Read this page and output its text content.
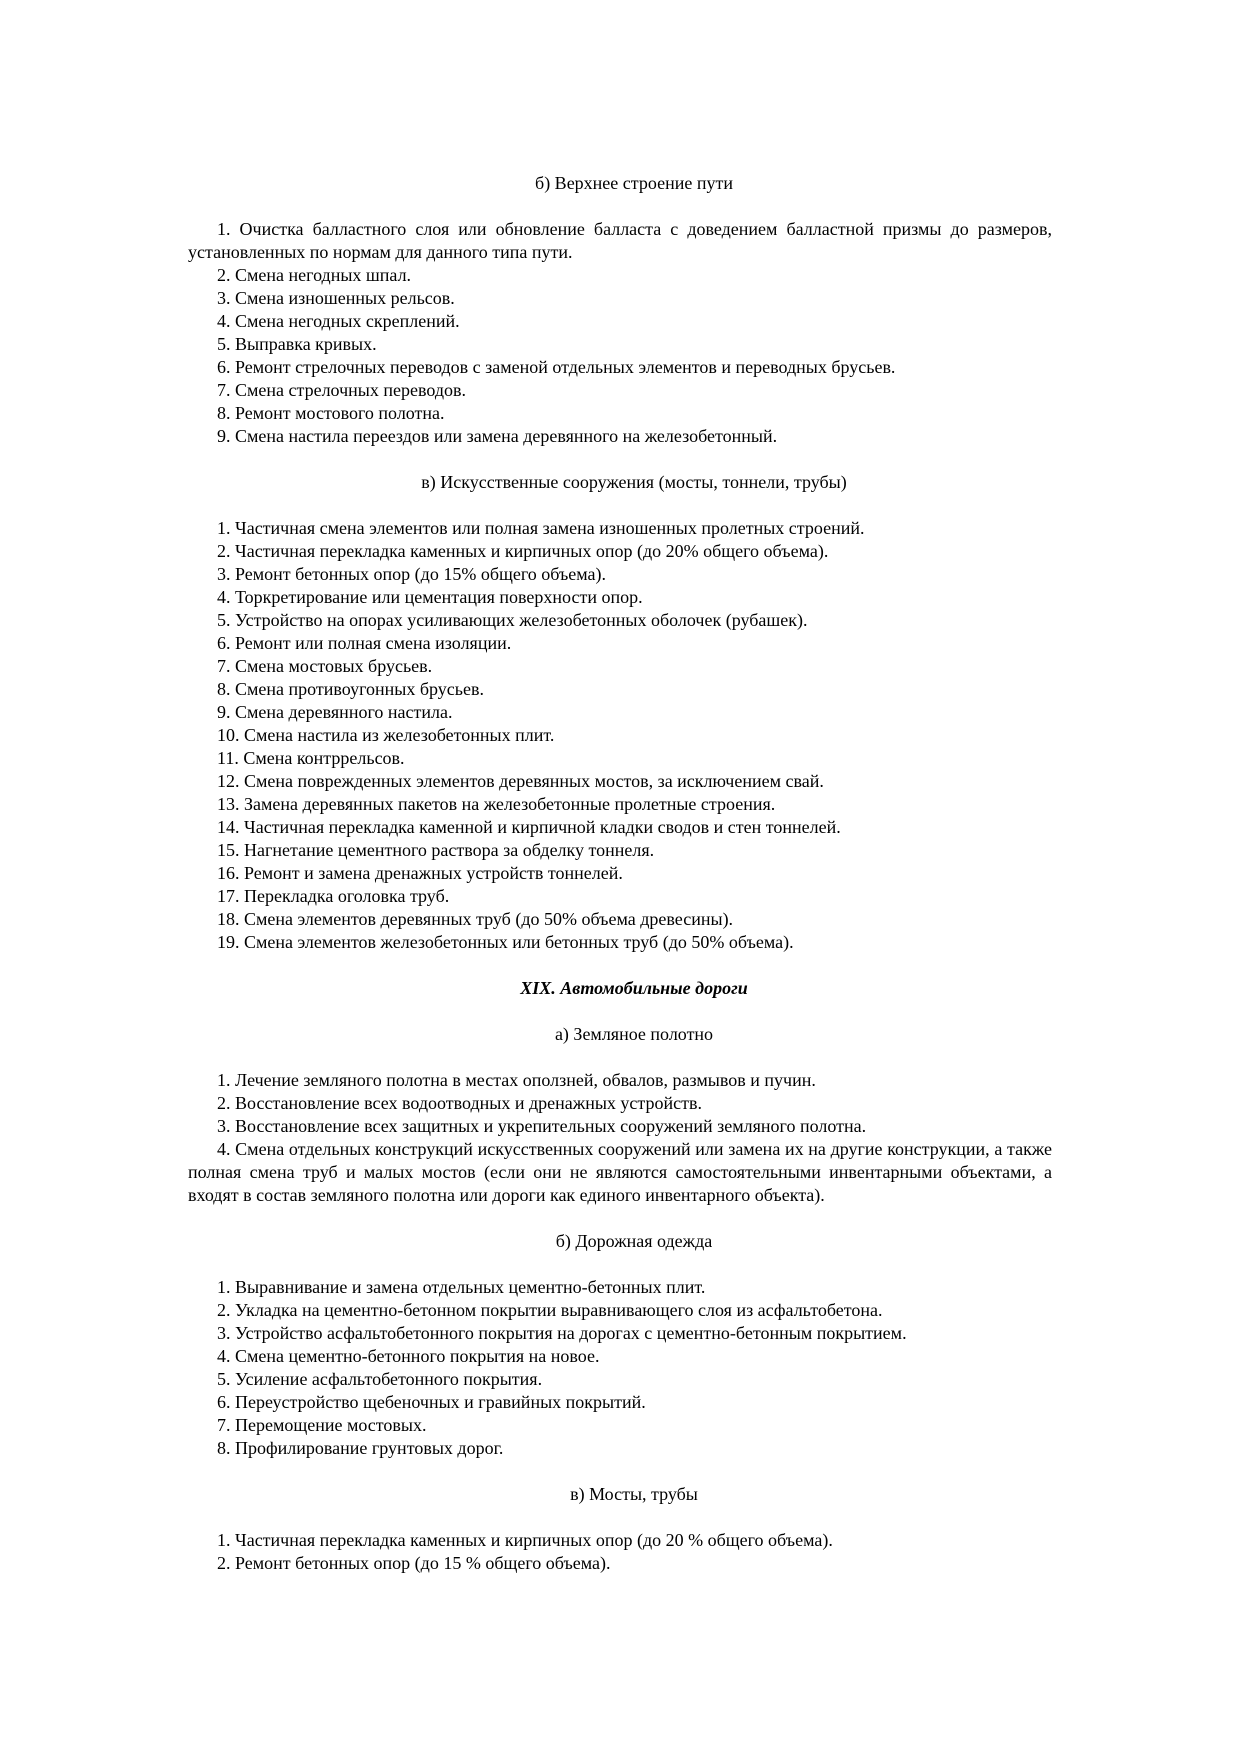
б) Верхнее строение пути

1. Очистка балластного слоя или обновление балласта с доведением балластной призмы до размеров, установленных по нормам для данного типа пути.

2. Смена негодных шпал.

3. Смена изношенных рельсов.

4. Смена негодных скреплений.

5. Выправка кривых.

6. Ремонт стрелочных переводов с заменой отдельных элементов и переводных брусьев.

7. Смена стрелочных переводов.

8. Ремонт мостового полотна.

9. Смена настила переездов или замена деревянного на железобетонный.

в) Искусственные сооружения (мосты, тоннели, трубы)

1. Частичная смена элементов или полная замена изношенных пролетных строений.

2. Частичная перекладка каменных и кирпичных опор (до 20% общего объема).

3. Ремонт бетонных опор (до 15% общего объема).

4. Торкретирование или цементация поверхности опор.

5. Устройство на опорах усиливающих железобетонных оболочек (рубашек).

6. Ремонт или полная смена изоляции.

7. Смена мостовых брусьев.

8. Смена противоугонных брусьев.

9. Смена деревянного настила.

10. Смена настила из железобетонных плит.

11. Смена контррельсов.

12. Смена поврежденных элементов деревянных мостов, за исключением свай.

13. Замена деревянных пакетов на железобетонные пролетные строения.

14. Частичная перекладка каменной и кирпичной кладки сводов и стен тоннелей.

15. Нагнетание цементного раствора за обделку тоннеля.

16. Ремонт и замена дренажных устройств тоннелей.

17. Перекладка оголовка труб.

18. Смена элементов деревянных труб (до 50% объема древесины).

19. Смена элементов железобетонных или бетонных труб (до 50% объема).

XIX. Автомобильные дороги

а) Земляное полотно

1. Лечение земляного полотна в местах оползней, обвалов, размывов и пучин.

2. Восстановление всех водоотводных и дренажных устройств.

3. Восстановление всех защитных и укрепительных сооружений земляного полотна.

4. Смена отдельных конструкций искусственных сооружений или замена их на другие конструкции, а также полная смена труб и малых мостов (если они не являются самостоятельными инвентарными объектами, а входят в состав земляного полотна или дороги как единого инвентарного объекта).

б) Дорожная одежда

1. Выравнивание и замена отдельных цементно-бетонных плит.

2. Укладка на цементно-бетонном покрытии выравнивающего слоя из асфальтобетона.

3. Устройство асфальтобетонного покрытия на дорогах с цементно-бетонным покрытием.

4. Смена цементно-бетонного покрытия на новое.

5. Усиление асфальтобетонного покрытия.

6. Переустройство щебеночных и гравийных покрытий.

7. Перемощение мостовых.

8. Профилирование грунтовых дорог.

в) Мосты, трубы

1. Частичная перекладка каменных и кирпичных опор (до 20 % общего объема).

2. Ремонт бетонных опор (до 15 % общего объема).
